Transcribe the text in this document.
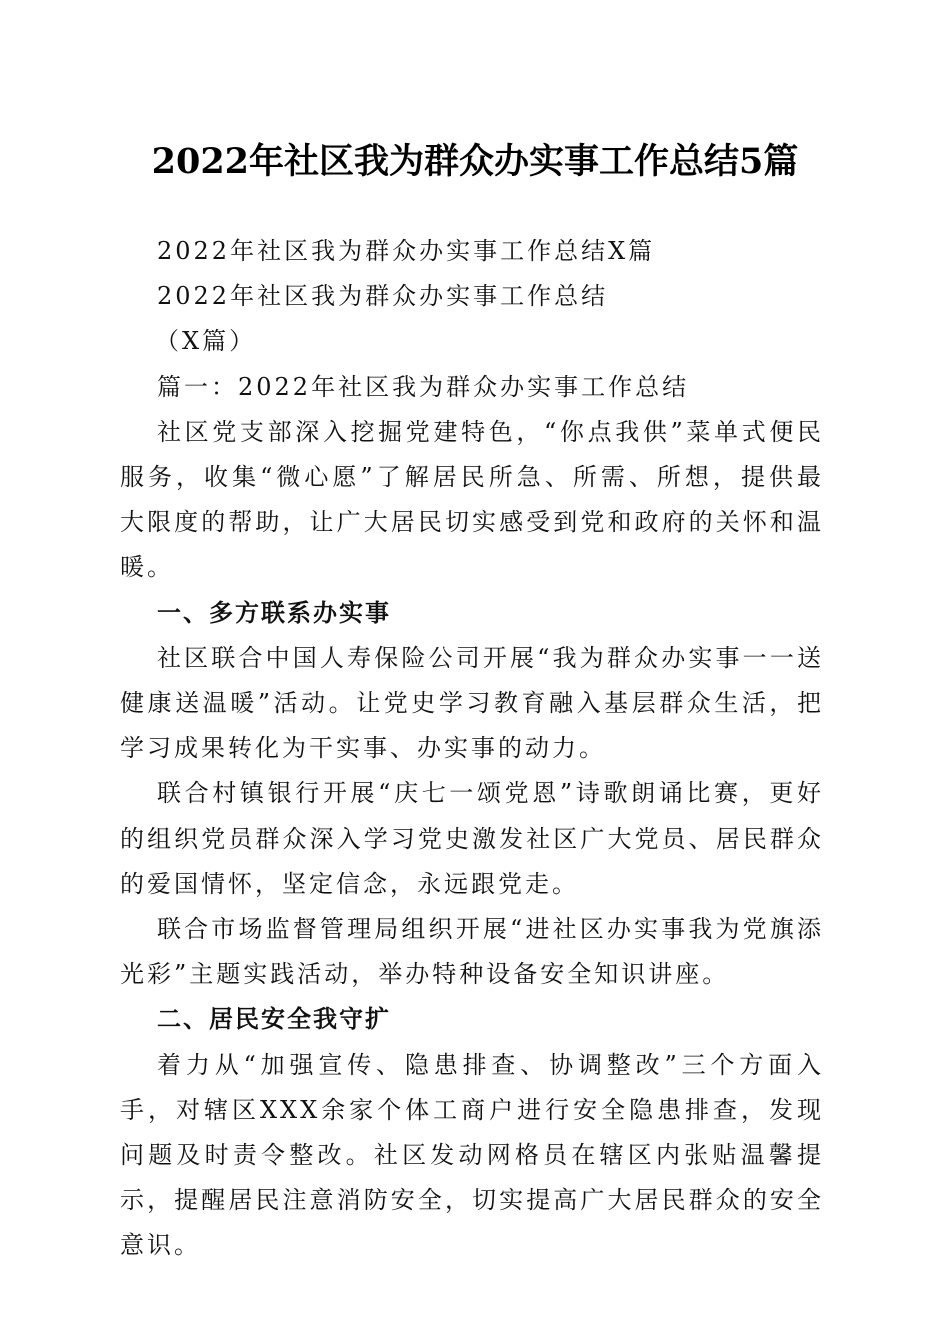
2022年社区我为群众办实事工作总结5篇

2022年社区我为群众办实事工作总结X篇

2022年社区我为群众办实事工作总结

（X篇）

篇一：2022年社区我为群众办实事工作总结

社区党支部深入挖掘党建特色，“你点我供”菜单式便民服务，收集“微心愿”了解居民所急、所需、所想，提供最大限度的帮助，让广大居民切实感受到党和政府的关怀和温暖。

一、多方联系办实事

社区联合中国人寿保险公司开展“我为群众办实事一一送健康送温暖”活动。让党史学习教育融入基层群众生活，把学习成果转化为干实事、办实事的动力。

联合村镇银行开展“庆七一颂党恩”诗歌朗诵比赛，更好的组织党员群众深入学习党史激发社区广大党员、居民群众的爱国情怀，坚定信念，永远跟党走。

联合市场监督管理局组织开展“进社区办实事我为党旗添光彩”主题实践活动，举办特种设备安全知识讲座。

二、居民安全我守扩

着力从“加强宣传、隐患排查、协调整改”三个方面入手，对辖区XXX余家个体工商户进行安全隐患排查，发现问题及时责令整改。社区发动网格员在辖区内张贴温馨提示，提醒居民注意消防安全，切实提高广大居民群众的安全意识。
